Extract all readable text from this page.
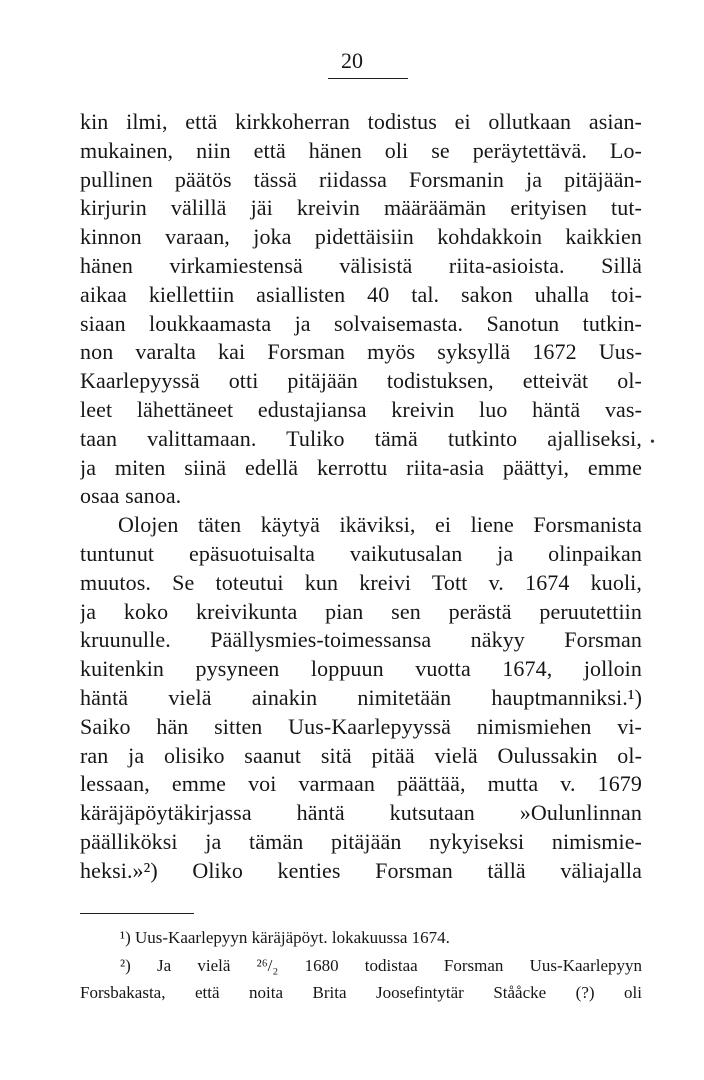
20
kin ilmi, että kirkkoherran todistus ei ollutkaan asian-
mukainen, niin että hänen oli se peräytettävä. Lo-
pullinen päätös tässä riidassa Forsmanin ja pitäjään-
kirjurin välillä jäi kreivin määräämän erityisen tut-
kinnon varaan, joka pidettäisiin kohdakkoin kaikkien
hänen virkamiestensä välisistä riita-asioista. Sillä
aikaa kiellettiin asiallisten 40 tal. sakon uhalla toi-
siaan loukkaamasta ja solvaisemasta. Sanotun tutkin-
non varalta kai Forsman myös syksyllä 1672 Uus-
Kaarlepyyssä otti pitäjään todistuksen, etteivät ol-
leet lähettäneet edustajiansa kreivin luo häntä vas-
taan valittamaan. Tuliko tämä tutkinto ajalliseksi,
ja miten siinä edellä kerrottu riita-asia päättyi, emme
osaa sanoa.
Olojen täten käytyä ikäviksi, ei liene Forsmanista
tuntunut epäsuotuisalta vaikutusalan ja olinpaikan
muutos. Se toteutui kun kreivi Tott v. 1674 kuoli,
ja koko kreivikunta pian sen perästä peruutettiin
kruunulle. Päällysmies-toimessansa näkyy Forsman
kuitenkin pysyneen loppuun vuotta 1674, jolloin
häntä vielä ainakin nimitetään hauptmanniksi.¹)
Saiko hän sitten Uus-Kaarlepyyssä nimismiehen vi-
ran ja olisiko saanut sitä pitää vielä Oulussakin ol-
lessaan, emme voi varmaan päättää, mutta v. 1679
käräjäpöytäkirjassa häntä kutsutaan »Oulunlinnan
päälliköksi ja tämän pitäjään nykyiseksi nimismie-
heksi.»²) Oliko kenties Forsman tällä väliajalla
•
¹) Uus-Kaarlepyyn käräjäpöyt. lokakuussa 1674.
²) Ja vielä ²⁶/₂ 1680 todistaa Forsman Uus-Kaarlepyyn
Forsbakasta, että noita Brita Joosefintytär Stååcke (?) oli
